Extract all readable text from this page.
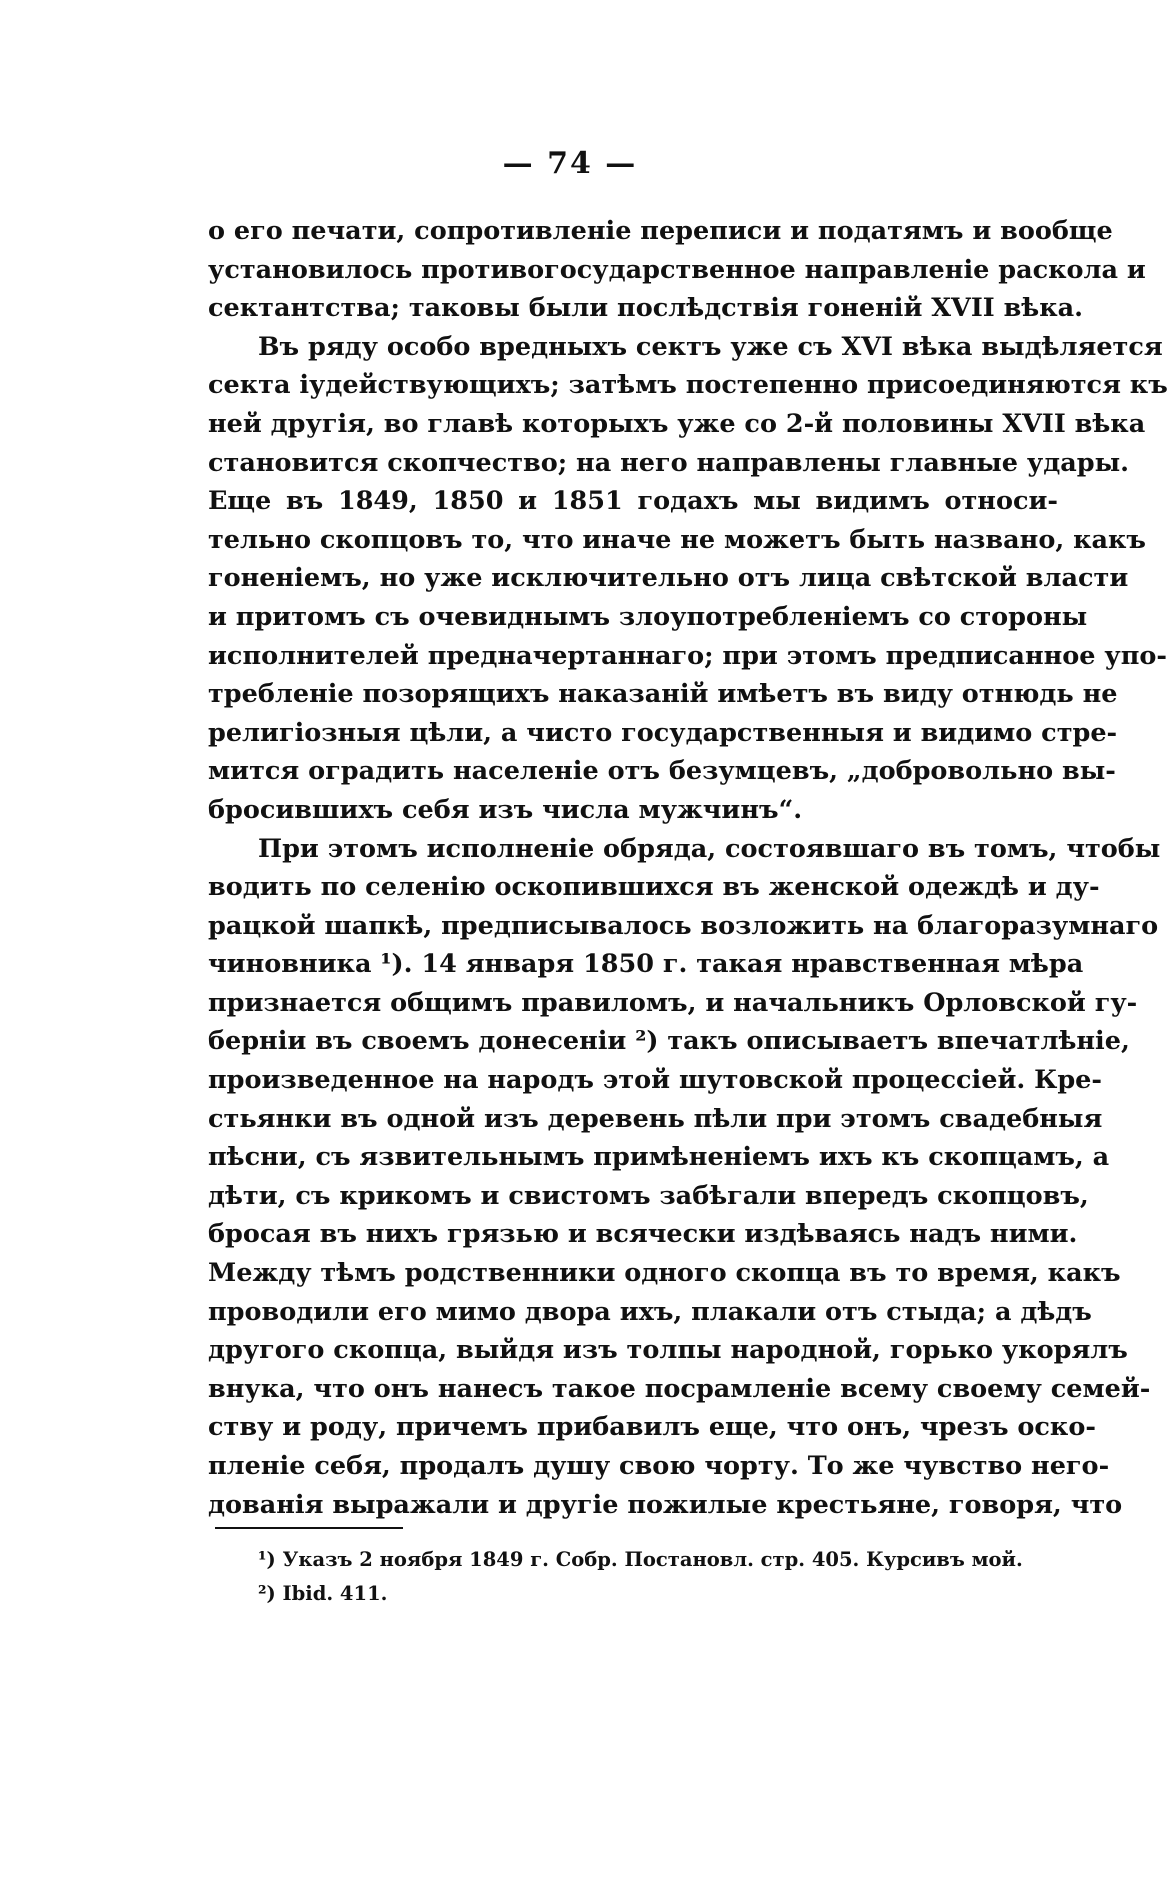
— 74 —
о его печати, сопротивленіе переписи и податямъ и вообще
установилось противогосударственное направленіе раскола и
сектантства; таковы были послѣдствія гоненій XVII вѣка.
Въ ряду особо вредныхъ сектъ уже съ XVI вѣка выдѣляется
секта іудействующихъ; затѣмъ постепенно присоединяются къ
ней другія, во главѣ которыхъ уже со 2-й половины XVII вѣка
становится скопчество; на него направлены главные удары.
Еще въ 1849, 1850 и 1851 годахъ мы видимъ относи-
тельно скопцовъ то, что иначе не можетъ быть названо, какъ
гоненіемъ, но уже исключительно отъ лица свѣтской власти
и притомъ съ очевиднымъ злоупотребленіемъ со стороны
исполнителей предначертаннаго; при этомъ предписанное упо-
требленіе позорящихъ наказаній имѣетъ въ виду отнюдь не
религіозныя цѣли, а чисто государственныя и видимо стре-
мится оградить населеніе отъ безумцевъ, „добровольно вы-
бросившихъ себя изъ числа мужчинъ“.
При этомъ исполненіе обряда, состоявшаго въ томъ, чтобы
водить по селенію оскопившихся въ женской одеждѣ и ду-
рацкой шапкѣ, предписывалось возложить на благоразумнаго
чиновника ¹). 14 января 1850 г. такая нравственная мѣра
признается общимъ правиломъ, и начальникъ Орловской гу-
берніи въ своемъ донесеніи ²) такъ описываетъ впечатлѣніе,
произведенное на народъ этой шутовской процессіей. Кре-
стьянки въ одной изъ деревень пѣли при этомъ свадебныя
пѣсни, съ язвительнымъ примѣненіемъ ихъ къ скопцамъ, а
дѣти, съ крикомъ и свистомъ забѣгали впередъ скопцовъ,
бросая въ нихъ грязью и всячески издѣваясь надъ ними.
Между тѣмъ родственники одного скопца въ то время, какъ
проводили его мимо двора ихъ, плакали отъ стыда; а дѣдъ
другого скопца, выйдя изъ толпы народной, горько укорялъ
внука, что онъ нанесъ такое посрамленіе всему своему семей-
ству и роду, причемъ прибавилъ еще, что онъ, чрезъ оско-
пленіе себя, продалъ душу свою чорту. То же чувство него-
дованія выражали и другіе пожилые крестьяне, говоря, что
¹) Указъ 2 ноября 1849 г. Собр. Постановл. стр. 405. Курсивъ мой.
²) Ibid. 411.
